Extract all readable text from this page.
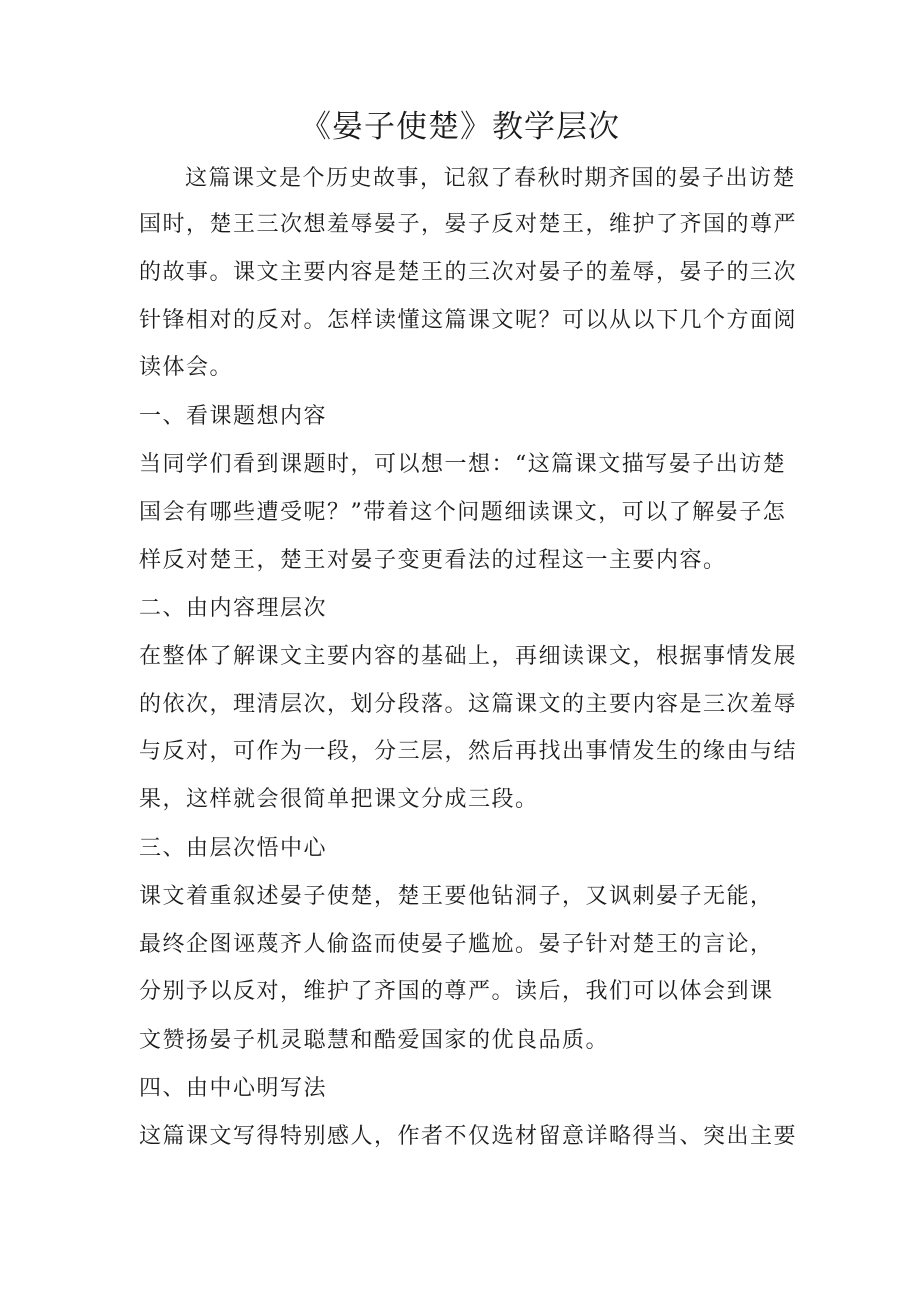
《晏子使楚》教学层次
这篇课文是个历史故事，记叙了春秋时期齐国的晏子出访楚
国时，楚王三次想羞辱晏子，晏子反对楚王，维护了齐国的尊严
的故事。课文主要内容是楚王的三次对晏子的羞辱，晏子的三次
针锋相对的反对。怎样读懂这篇课文呢？可以从以下几个方面阅
读体会。
一、看课题想内容
当同学们看到课题时，可以想一想：“这篇课文描写晏子出访楚
国会有哪些遭受呢？”带着这个问题细读课文，可以了解晏子怎
样反对楚王，楚王对晏子变更看法的过程这一主要内容。
二、由内容理层次
在整体了解课文主要内容的基础上，再细读课文，根据事情发展
的依次，理清层次，划分段落。这篇课文的主要内容是三次羞辱
与反对，可作为一段，分三层，然后再找出事情发生的缘由与结
果，这样就会很简单把课文分成三段。
三、由层次悟中心
课文着重叙述晏子使楚，楚王要他钻洞子，又讽刺晏子无能，
最终企图诬蔑齐人偷盗而使晏子尴尬。晏子针对楚王的言论，
分别予以反对，维护了齐国的尊严。读后，我们可以体会到课
文赞扬晏子机灵聪慧和酷爱国家的优良品质。
四、由中心明写法
这篇课文写得特别感人，作者不仅选材留意详略得当、突出主要
